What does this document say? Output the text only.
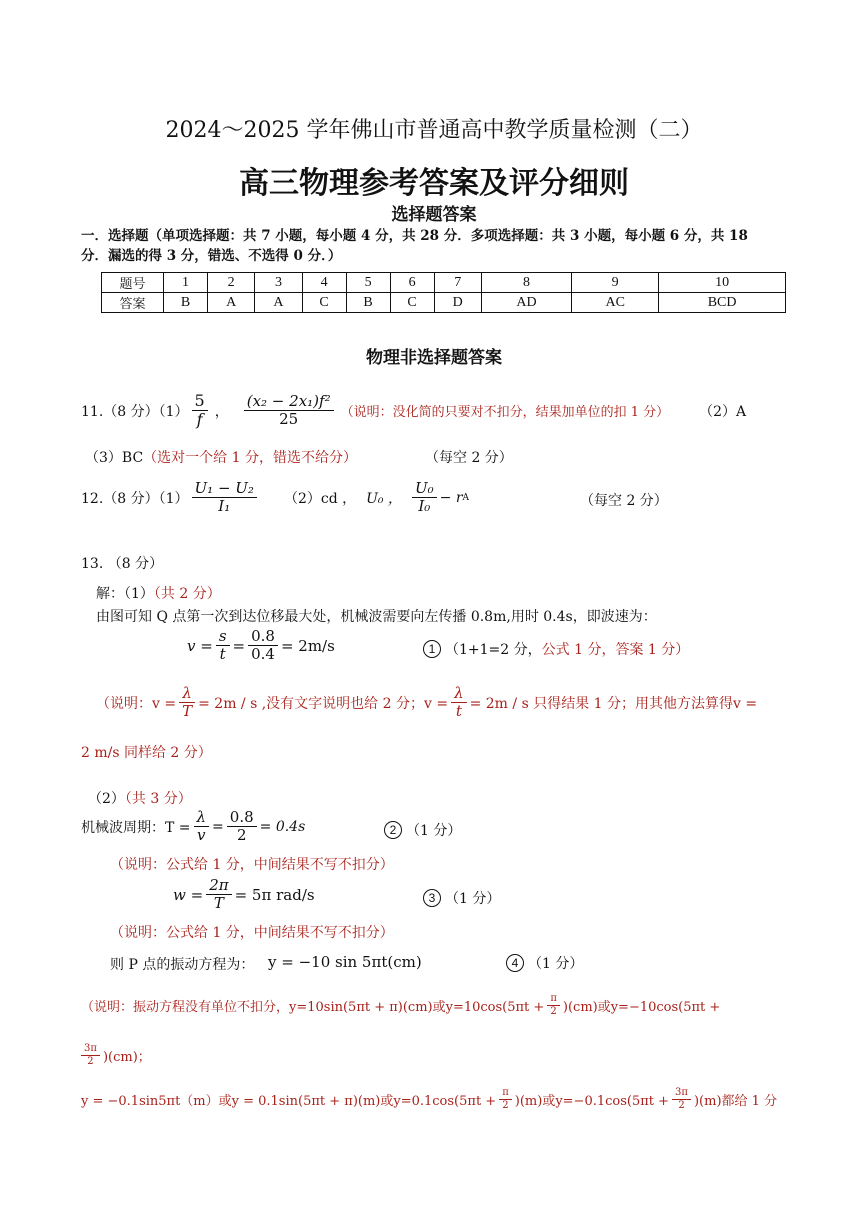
2024～2025 学年佛山市普通高中教学质量检测（二）
高三物理参考答案及评分细则
选择题答案
一．选择题（单项选择题：共 7 小题，每小题 4 分，共 28 分．多项选择题：共 3 小题，每小题 6 分，共 18
分．漏选的得 3 分，错选、不选得 0 分．）
题号	1	2	3	4	5	6	7	8	9	10
答案	B	A	A	C	B	C	D	AD	AC	BCD
物理非选择题答案
11.（8 分）$(1) \frac{5}{f}$ ， $\frac{\text{(x₂ − 2x₁)f²}}{25}$ （说明：没化简的只要对不扣分，结果加单位的扣 1 分） （2）A
（3）BC（选对一个给 1 分，错选不给分）	（每空 2 分）
12.（8 分）$(1) \frac{\text{U₁ − U₂}}{\text{I₁}} (2)cd$ ， U₀ ， $\frac{\text{U₀}}{\text{I₀}} - r$ A	（每空 2 分）
13. （8 分）
解：（1）（共 2 分）
由图可知 Q 点第一次到达位移最大处，机械波需要向左传播 0.8m,用时 0.4s，即波速为：
$v = \frac{s}{t} = \frac{0.8}{0.4} = 2m/s$	1 （1+1=2 分， 公式 1 分，答案 1 分）
（说明：$v = \frac{\lambda}{T} = 2m / s$ ,没有文字说明也给 2 分；$v = \frac{\lambda}{t} = 2m / s$ 只得结果 1 分；用其他方法算得v =
2 m/s 同样给 2 分）
（2）（共 3 分）
机械波周期：$T = \frac{\lambda}{v} = \frac{0.8}{2} = 0.4s$	2 （1 分）
（说明：公式给 1 分，中间结果不写不扣分）
$w = \frac{2\pi}{T} = 5\pi$ rad/s	3 （1 分）
（说明：公式给 1 分，中间结果不写不扣分）
则 P 点的振动方程为： y = −10 sin 5πt(cm)	4 （1 分）
（说明：振动方程没有单位不扣分，y=10sin(5πt + π)(cm)或$y=10\cos(5\pi t + \frac{\pi}{2} )(cm)$或y=−10cos(5πt +
$\frac{3\pi}{2} )(cm)$；
y = −0.1sin5πt（m）或y = 0.1sin(5πt + π)(m)或$y=0.1\cos(5\pi t + \frac{\pi}{2} )(m)$或$y=-0.1\cos(5\pi t + \frac{3\pi}{2} )(m)$都给 1 分
